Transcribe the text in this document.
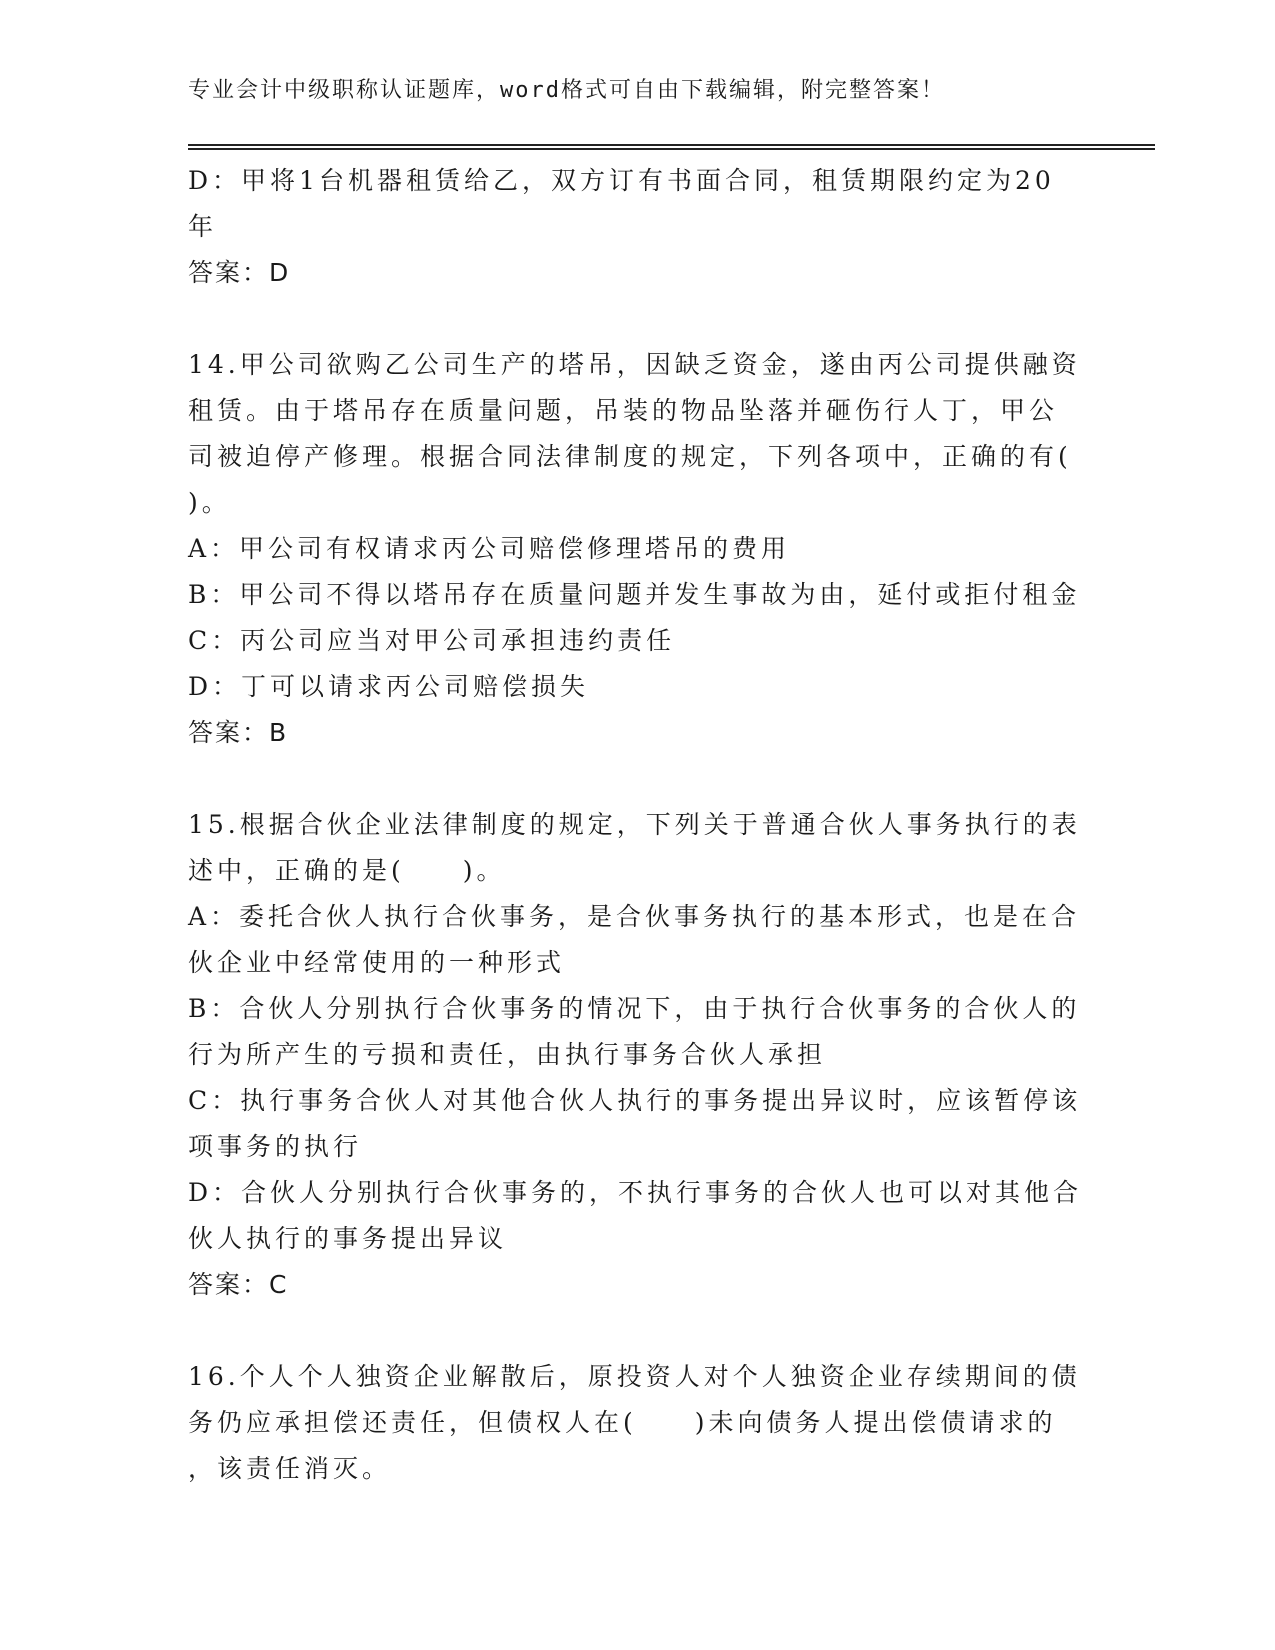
专业会计中级职称认证题库，word格式可自由下载编辑，附完整答案！

D：甲将1台机器租赁给乙，双方订有书面合同，租赁期限约定为20

年

答案：D

14.甲公司欲购乙公司生产的塔吊，因缺乏资金，遂由丙公司提供融资

租赁。由于塔吊存在质量问题，吊装的物品坠落并砸伤行人丁，甲公

司被迫停产修理。根据合同法律制度的规定，下列各项中，正确的有(

)。

A：甲公司有权请求丙公司赔偿修理塔吊的费用

B：甲公司不得以塔吊存在质量问题并发生事故为由，延付或拒付租金

C：丙公司应当对甲公司承担违约责任

D：丁可以请求丙公司赔偿损失

答案：B

15.根据合伙企业法律制度的规定，下列关于普通合伙人事务执行的表

述中，正确的是(　　)。

A：委托合伙人执行合伙事务，是合伙事务执行的基本形式，也是在合

伙企业中经常使用的一种形式

B：合伙人分别执行合伙事务的情况下，由于执行合伙事务的合伙人的

行为所产生的亏损和责任，由执行事务合伙人承担

C：执行事务合伙人对其他合伙人执行的事务提出异议时，应该暂停该

项事务的执行

D：合伙人分别执行合伙事务的，不执行事务的合伙人也可以对其他合

伙人执行的事务提出异议

答案：C

16.个人个人独资企业解散后，原投资人对个人独资企业存续期间的债

务仍应承担偿还责任，但债权人在(　　)未向债务人提出偿债请求的

，该责任消灭。
